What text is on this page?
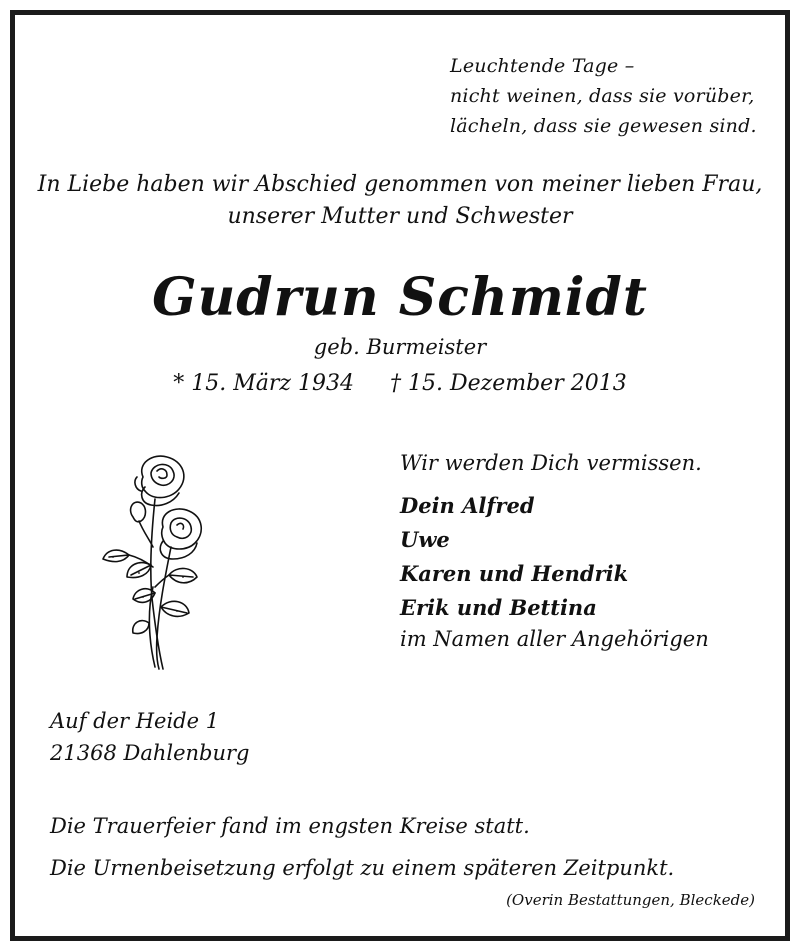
Leuchtende Tage –
nicht weinen, dass sie vorüber,
lächeln, dass sie gewesen sind.
In Liebe haben wir Abschied genommen von meiner lieben Frau,
unserer Mutter und Schwester
Gudrun Schmidt
geb. Burmeister
* 15. März 1934 † 15. Dezember 2013
Wir werden Dich vermissen.
Dein Alfred
Uwe
Karen und Hendrik
Erik und Bettina
im Namen aller Angehörigen
Auf der Heide 1
21368 Dahlenburg
Die Trauerfeier fand im engsten Kreise statt.
Die Urnenbeisetzung erfolgt zu einem späteren Zeitpunkt.
(Overin Bestattungen, Bleckede)
